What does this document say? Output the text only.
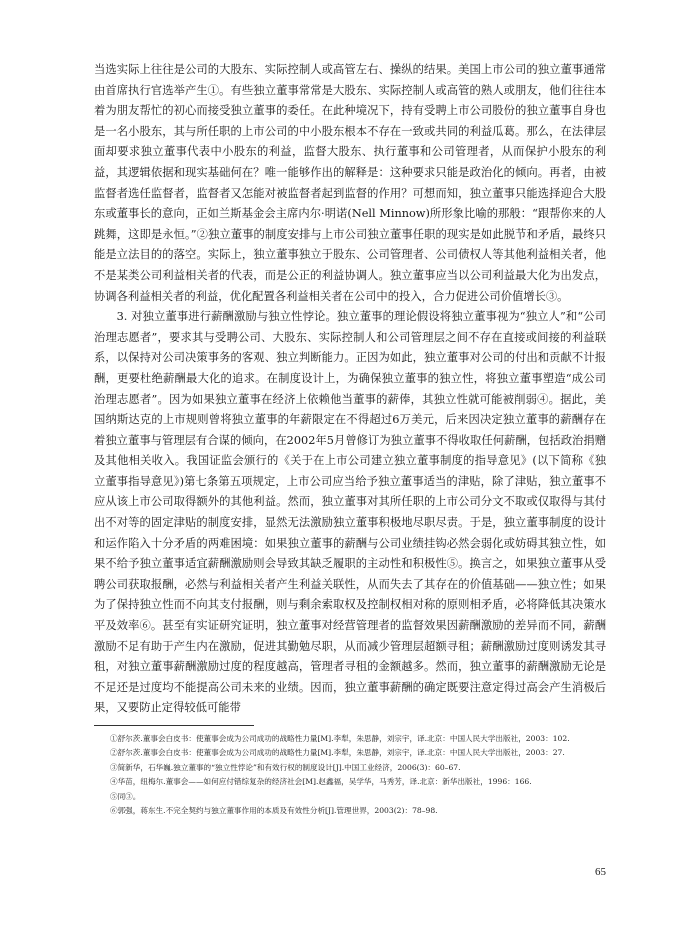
当选实际上往往是公司的大股东、实际控制人或高管左右、操纵的结果。美国上市公司的独立董事通常由首席执行官选举产生①。有些独立董事常常是大股东、实际控制人或高管的熟人或朋友，他们往往本着为朋友帮忙的初心而接受独立董事的委任。在此种境况下，持有受聘上市公司股份的独立董事自身也是一名小股东，其与所任职的上市公司的中小股东根本不存在一致或共同的利益瓜葛。那么，在法律层面却要求独立董事代表中小股东的利益，监督大股东、执行董事和公司管理者，从而保护小股东的利益，其逻辑依据和现实基础何在？唯一能够作出的解释是：这种要求只能是政治化的倾向。再者，由被监督者选任监督者，监督者又怎能对被监督者起到监督的作用？可想而知，独立董事只能选择迎合大股东或董事长的意向，正如兰斯基金会主席内尔·明诺(Nell Minnow)所形象比喻的那般：“跟帮你来的人跳舞，这即是永恒。”②独立董事的制度安排与上市公司独立董事任职的现实是如此脱节和矛盾，最终只能是立法目的的落空。实际上，独立董事独立于股东、公司管理者、公司债权人等其他利益相关者，他不是某类公司利益相关者的代表，而是公正的利益协调人。独立董事应当以公司利益最大化为出发点，协调各利益相关者的利益，优化配置各利益相关者在公司中的投入，合力促进公司价值增长③。

3. 对独立董事进行薪酬激励与独立性悖论。独立董事的理论假设将独立董事视为“独立人”和“公司治理志愿者”，要求其与受聘公司、大股东、实际控制人和公司管理层之间不存在直接或间接的利益联系，以保持对公司决策事务的客观、独立判断能力。正因为如此，独立董事对公司的付出和贡献不计报酬，更要杜绝薪酬最大化的追求。在制度设计上，为确保独立董事的独立性，将独立董事塑造“成公司治理志愿者”。因为如果独立董事在经济上依赖他当董事的薪俸，其独立性就可能被削弱④。据此，美国纳斯达克的上市规则曾将独立董事的年薪限定在不得超过6万美元，后来因决定独立董事的薪酬存在着独立董事与管理层有合谋的倾向，在2002年5月曾修订为独立董事不得收取任何薪酬，包括政治捐赠及其他相关收入。我国证监会颁行的《关于在上市公司建立独立董事制度的指导意见》(以下简称《独立董事指导意见》)第七条第五项规定，上市公司应当给予独立董事适当的津贴，除了津贴，独立董事不应从该上市公司取得额外的其他利益。然而，独立董事对其所任职的上市公司分文不取或仅取得与其付出不对等的固定津贴的制度安排，显然无法激励独立董事积极地尽职尽责。于是，独立董事制度的设计和运作陷入十分矛盾的两难困境：如果独立董事的薪酬与公司业绩挂钩必然会弱化或妨碍其独立性，如果不给予独立董事适宜薪酬激励则会导致其缺乏履职的主动性和积极性⑤。换言之，如果独立董事从受聘公司获取报酬，必然与利益相关者产生利益关联性，从而失去了其存在的价值基础——独立性；如果为了保持独立性而不向其支付报酬，则与剩余索取权及控制权相对称的原则相矛盾，必将降低其决策水平及效率⑥。甚至有实证研究证明，独立董事对经营管理者的监督效果因薪酬激励的差异而不同，薪酬激励不足有助于产生内在激励，促进其勤勉尽职，从而减少管理层超额寻租；薪酬激励过度则诱发其寻租，对独立董事薪酬激励过度的程度越高，管理者寻租的金额越多。然而，独立董事的薪酬激励无论是不足还是过度均不能提高公司未来的业绩。因而，独立董事薪酬的确定既要注意定得过高会产生消极后果，又要防止定得较低可能带

①舒尔茨.董事会白皮书：使董事会成为公司成功的战略性力量[M].李犁，朱思静，刘宗宇，译.北京：中国人民大学出版社，2003：102.

②舒尔茨.董事会白皮书：使董事会成为公司成功的战略性力量[M].李犁，朱思静，刘宗宇，译.北京：中国人民大学出版社，2003：27.

③简新华，石华巍.独立董事的“独立性悖论”和有效行权的制度设计[J].中国工业经济，2006(3)：60–67.

④华苗，纽梅尔.董事会——如何应付错综复杂的经济社会[M].赵鑫福，吴学华，马秀芳，译.北京：新华出版社，1996：166.

⑤同③。

⑥郭强，蒋东生.不完全契约与独立董事作用的本质及有效性分析[J].管理世界，2003(2)：78–98.

65
